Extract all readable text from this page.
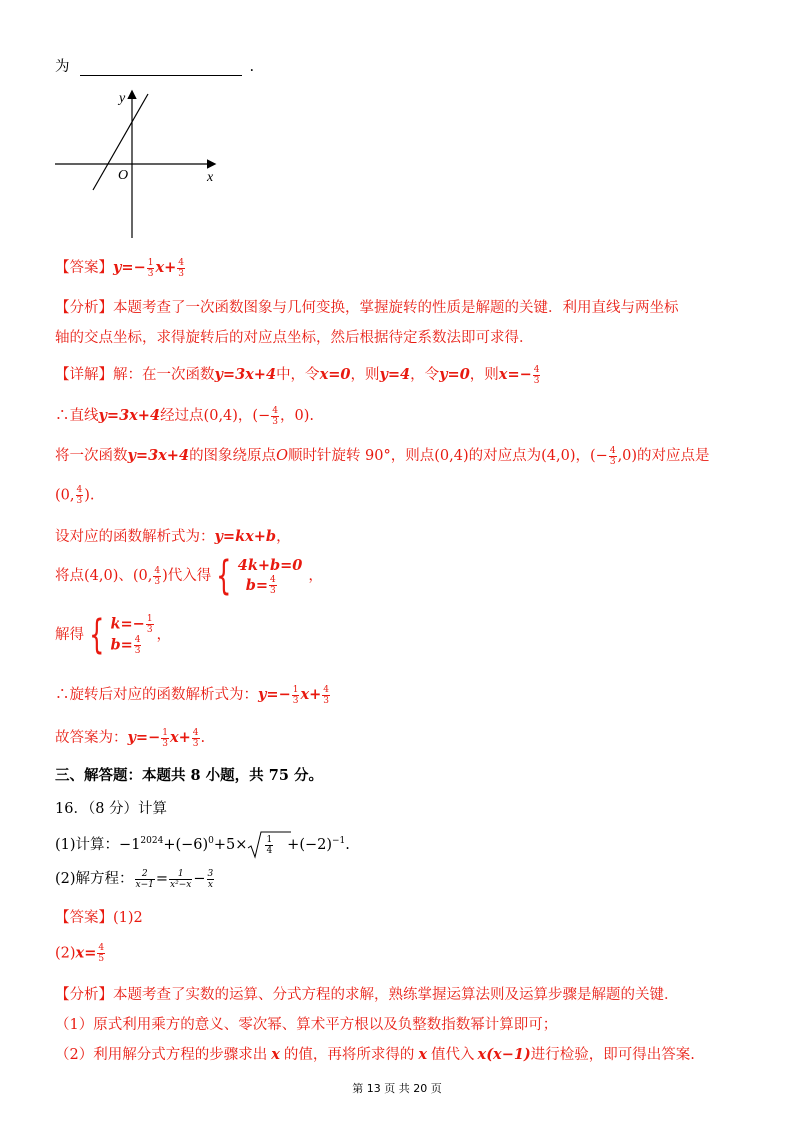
为	.
y
x
O
【答案】$y=- \frac{1}{3} x+ \frac{4}{3}$
【分析】本题考查了一次函数图象与几何变换，掌握旋转的性质是解题的关键．利用直线与两坐标
轴的交点坐标，求得旋转后的对应点坐标，然后根据待定系数法即可求得．
【详解】解：在一次函数y=3x+4中，令x=0，则y=4，令y=0，则$x=- \frac{4}{3}$
∴直线y=3x+4经过点(0,4)，(− $\frac{4}{3}$ ，0).
将一次函数y=3x+4的图象绕原点O顺时针旋转 90°，则点(0,4)的对应点为(4,0)，(− $\frac{4}{3} ,0$)的对应点是
(0, $\frac{4}{3}$ ).
设对应的函数解析式为：y=kx+b，
将点(4,0)、(0, $\frac{4}{3}$ )代入得 { 4k+b=0
$b= \frac{4}{3}$ ，
解得 { $k=- \frac{1}{3}$
$b= \frac{4}{3}$ ，
∴旋转后对应的函数解析式为：$y=- \frac{1}{3} x+ \frac{4}{3}$
故答案为：$y=- \frac{1}{3} x+ \frac{4}{3}$ .
三、解答题：本题共 8 小题，共 75 分。
16．（8 分）计算
(1)计算：$-1^{2024}+(-6)^0+5\times \frac{1}{4} +(-2)^{-1}$.
(2)解方程： $\frac{2}{x-1} = \frac{1}{\text{x²−x}} - \frac{3}{x}$
【答案】(1)2
$(2)x= \frac{4}{5}$
【分析】本题考查了实数的运算、分式方程的求解，熟练掌握运算法则及运算步骤是解题的关键．
（1）原式利用乘方的意义、零次幂、算术平方根以及负整数指数幂计算即可；
（2）利用解分式方程的步骤求出 x 的值，再将所求得的 x 值代入 x(x−1)进行检验，即可得出答案.
第 13 页 共 20 页
